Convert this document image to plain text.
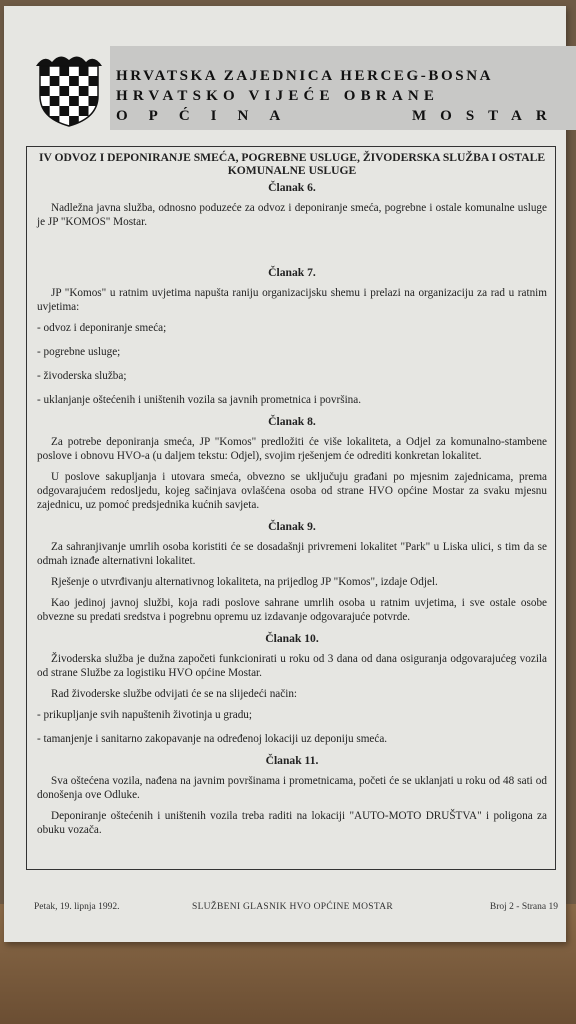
HRVATSKA ZAJEDNICA HERCEG-BOSNA
HRVATSKO VIJEĆE OBRANE
OPĆINA	MOSTAR
IV ODVOZ I DEPONIRANJE SMEĆA, POGREBNE USLUGE, ŽIVODERSKA SLUŽBA I OSTALE KOMUNALNE USLUGE
Članak 6.

Nadležna javna služba, odnosno poduzeće za odvoz i deponiranje smeća, pogrebne i ostale komunalne usluge je JP "KOMOS" Mostar.

Članak 7.

JP "Komos" u ratnim uvjetima napušta raniju organizacijsku shemu i prelazi na organizaciju za rad u ratnim uvjetima:

- odvoz i deponiranje smeća;
- pogrebne usluge;
- živoderska služba;
- uklanjanje oštećenih i uništenih vozila sa javnih prometnica i površina.
Članak 8.

Za potrebe deponiranja smeća, JP "Komos" predložiti će više lokaliteta, a Odjel za komunalno-stambene poslove i obnovu HVO-a (u daljem tekstu: Odjel), svojim rješenjem će odrediti konkretan lokalitet.

U poslove sakupljanja i utovara smeća, obvezno se uključuju građani po mjesnim zajednicama, prema odgovarajućem redosljedu, kojeg sačinjava ovlašćena osoba od strane HVO općine Mostar za svaku mjesnu zajednicu, uz pomoć predsjednika kućnih savjeta.

Članak 9.

Za sahranjivanje umrlih osoba koristiti će se dosadašnji privremeni lokalitet "Park" u Liska ulici, s tim da se odmah iznađe alternativni lokalitet.

Rješenje o utvrđivanju alternativnog lokaliteta, na prijedlog JP "Komos", izdaje Odjel.

Kao jedinoj javnoj službi, koja radi poslove sahrane umrlih osoba u ratnim uvjetima, i sve ostale osobe obvezne su predati sredstva i pogrebnu opremu uz izdavanje odgovarajuće potvrde.

Članak 10.

Živoderska služba je dužna započeti funkcionirati u roku od 3 dana od dana osiguranja odgovarajućeg vozila od strane Službe za logistiku HVO općine Mostar.

Rad živoderske službe odvijati će se na slijedeći način:

- prikupljanje svih napuštenih životinja u gradu;
- tamanjenje i sanitarno zakopavanje na određenoj lokaciji uz deponiju smeća.
Članak 11.

Sva oštećena vozila, nađena na javnim površinama i prometnicama, početi će se uklanjati u roku od 48 sati od donošenja ove Odluke.

Deponiranje oštećenih i uništenih vozila treba raditi na lokaciji "AUTO-MOTO DRUŠTVA" i poligona za obuku vozača.

Petak, 19. lipnja 1992.	SLUŽBENI GLASNIK HVO OPĆINE MOSTAR	Broj 2 - Strana 19
